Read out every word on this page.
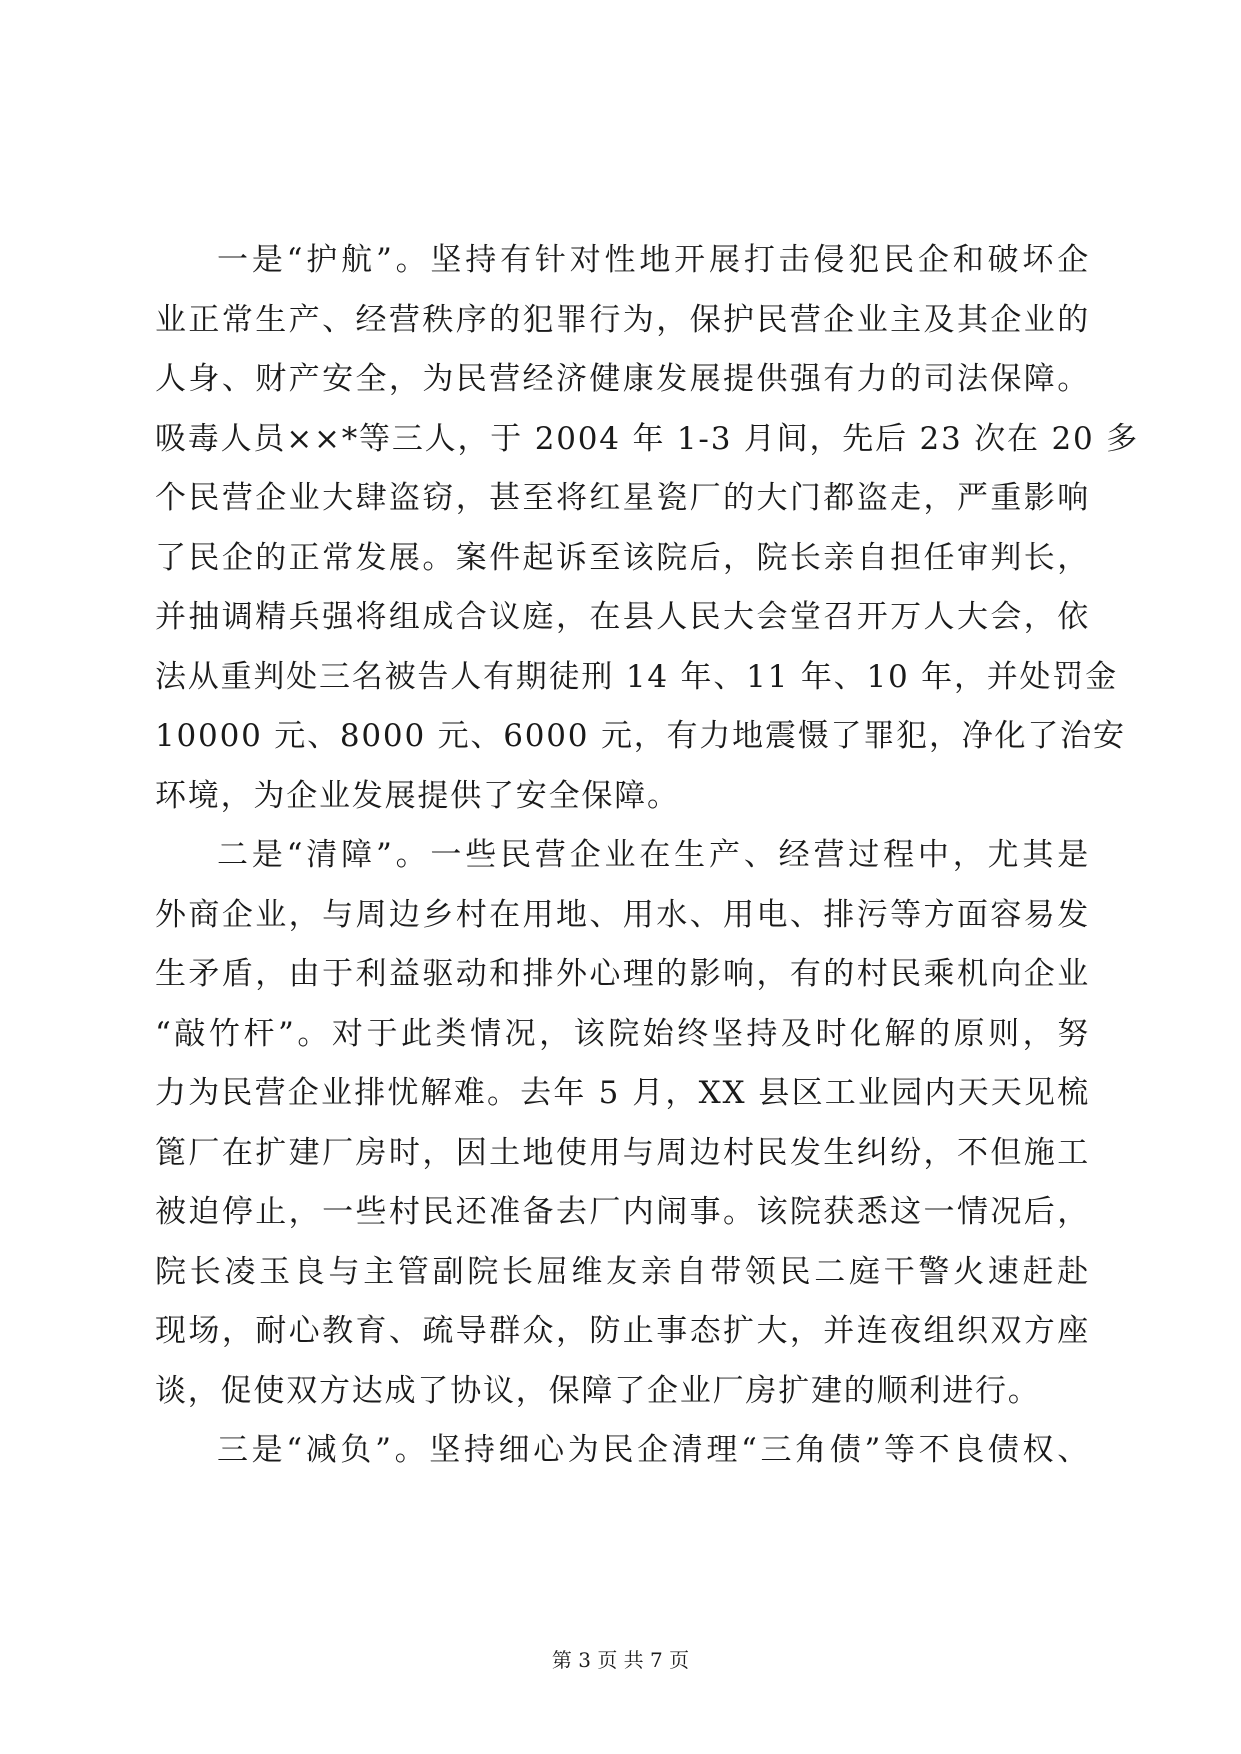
一是“护航”。坚持有针对性地开展打击侵犯民企和破坏企
业正常生产、经营秩序的犯罪行为，保护民营企业主及其企业的
人身、财产安全，为民营经济健康发展提供强有力的司法保障。
吸毒人员××*等三人，于 2004 年 1-3 月间，先后 23 次在 20 多
个民营企业大肆盗窃，甚至将红星瓷厂的大门都盗走，严重影响
了民企的正常发展。案件起诉至该院后，院长亲自担任审判长，
并抽调精兵强将组成合议庭，在县人民大会堂召开万人大会，依
法从重判处三名被告人有期徒刑 14 年、11 年、10 年，并处罚金
10000 元、8000 元、6000 元，有力地震慑了罪犯，净化了治安
环境，为企业发展提供了安全保障。
二是“清障”。一些民营企业在生产、经营过程中，尤其是
外商企业，与周边乡村在用地、用水、用电、排污等方面容易发
生矛盾，由于利益驱动和排外心理的影响，有的村民乘机向企业
“敲竹杆”。对于此类情况，该院始终坚持及时化解的原则，努
力为民营企业排忧解难。去年 5 月，XX 县区工业园内天天见梳
篦厂在扩建厂房时，因土地使用与周边村民发生纠纷，不但施工
被迫停止，一些村民还准备去厂内闹事。该院获悉这一情况后，
院长凌玉良与主管副院长屈维友亲自带领民二庭干警火速赶赴
现场，耐心教育、疏导群众，防止事态扩大，并连夜组织双方座
谈，促使双方达成了协议，保障了企业厂房扩建的顺利进行。
三是“减负”。坚持细心为民企清理“三角债”等不良债权、
第 3 页 共 7 页
